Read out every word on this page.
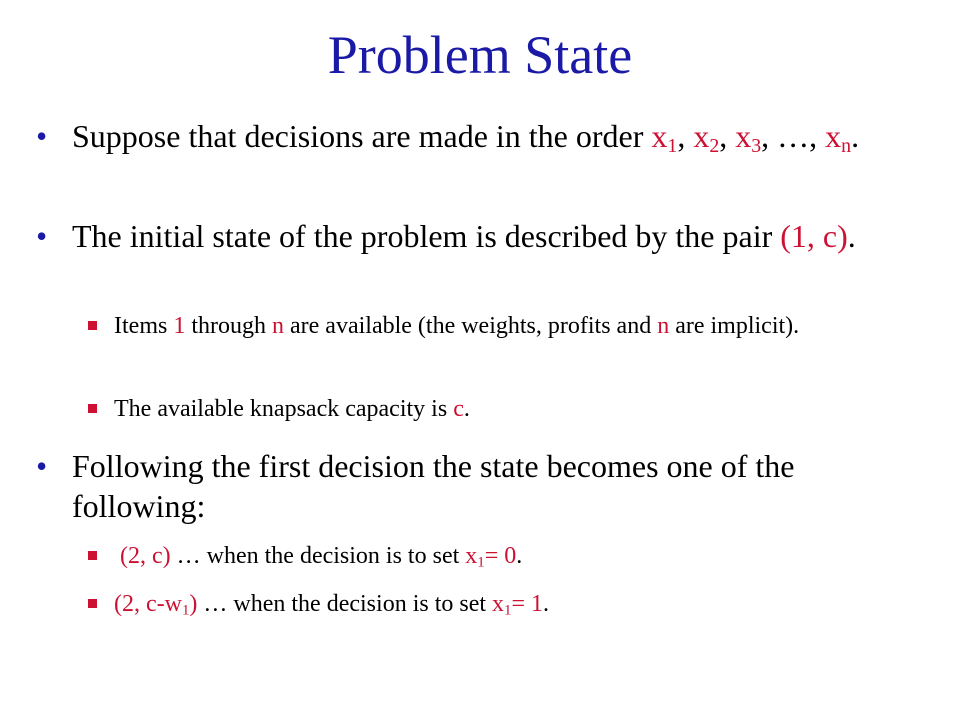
Problem State
• Suppose that decisions are made in the order $x_1$, $x_2$, $x_3$, …, $x_n$.
• The initial state of the problem is described by the pair (1, c).
Items 1 through n are available (the weights, profits and n are implicit).
The available knapsack capacity is c.
• Following the first decision the state becomes one of the following:
(2, c) … when the decision is to set $x_1= 0$.
(2, $c-w_1$) … when the decision is to set $x_1= 1$.
